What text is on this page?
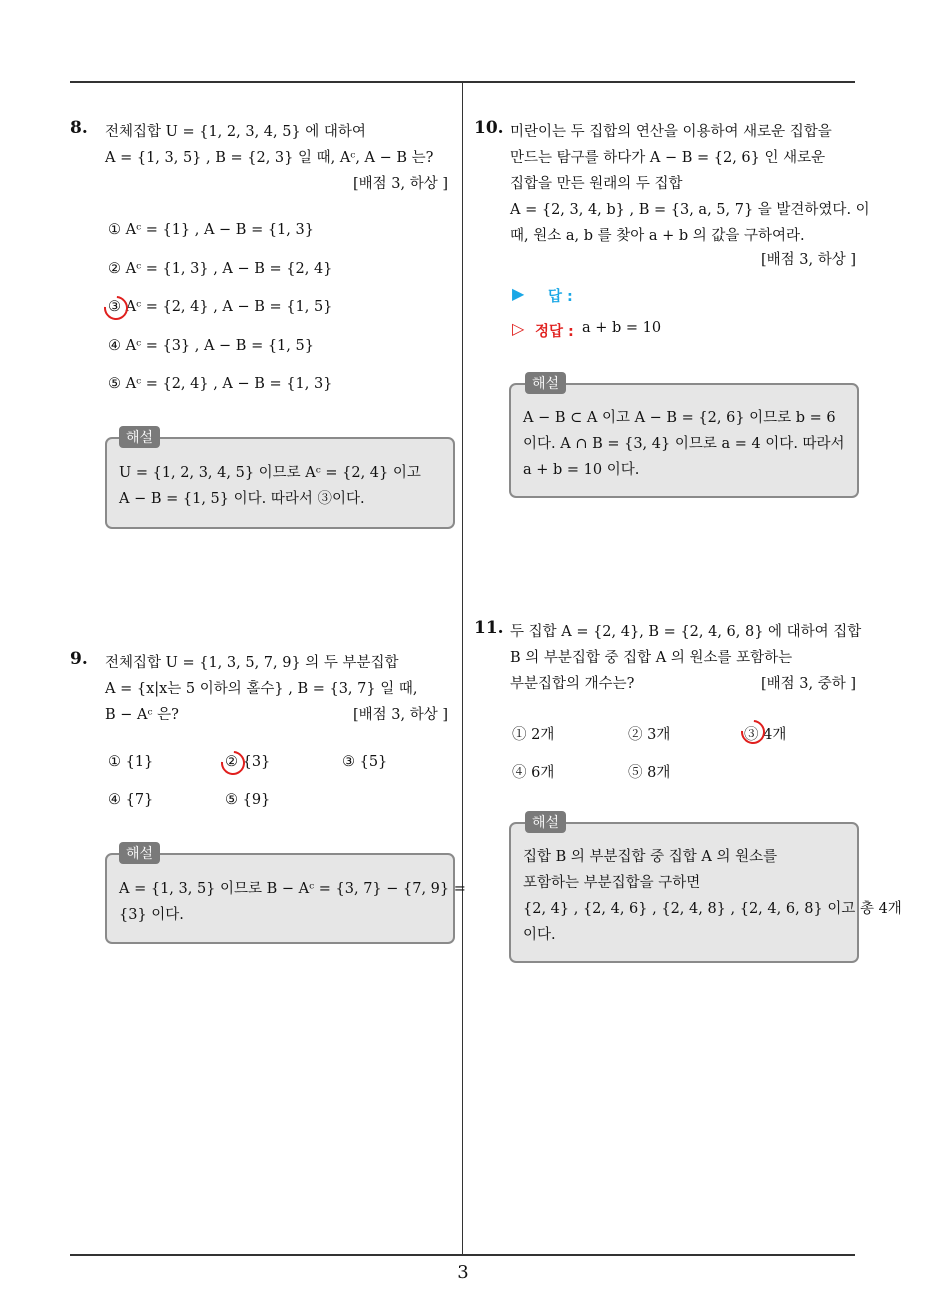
8. 전체집합 U = {1, 2, 3, 4, 5} 에 대하여
A = {1, 3, 5} , B = {2, 3} 일 때, Aᶜ, A − B 는?
[배점 3, 하상 ]
① Aᶜ = {1} , A − B = {1, 3}
② Aᶜ = {1, 3} , A − B = {2, 4}
③ Aᶜ = {2, 4} , A − B = {1, 5}
④ Aᶜ = {3} , A − B = {1, 5}
⑤ Aᶜ = {2, 4} , A − B = {1, 3}
해설
U = {1, 2, 3, 4, 5} 이므로 Aᶜ = {2, 4} 이고
A − B = {1, 5} 이다. 따라서 ③이다.
9. 전체집합 U = {1, 3, 5, 7, 9} 의 두 부분집합
A = {x|x는 5 이하의 홀수} , B = {3, 7} 일 때,
B − Aᶜ 은?	[배점 3, 하상 ]
① {1}	② {3}	③ {5}
④ {7}	⑤ {9}
해설
A = {1, 3, 5} 이므로 B − Aᶜ = {3, 7} − {7, 9} =
{3} 이다.
10. 미란이는 두 집합의 연산을 이용하여 새로운 집합을
만드는 탐구를 하다가 A − B = {2, 6} 인 새로운
집합을 만든 원래의 두 집합
A = {2, 3, 4, b} , B = {3, a, 5, 7} 을 발견하였다. 이
때, 원소 a, b 를 찾아 a + b 의 값을 구하여라.
[배점 3, 하상 ]
▶ 답 :
▷ 정답 : a + b = 10
해설
A − B ⊂ A 이고 A − B = {2, 6} 이므로 b = 6
이다. A ∩ B = {3, 4} 이므로 a = 4 이다. 따라서
a + b = 10 이다.
11. 두 집합 A = {2, 4}, B = {2, 4, 6, 8} 에 대하여 집합
B 의 부분집합 중 집합 A 의 원소를 포함하는
부분집합의 개수는?	[배점 3, 중하 ]
① 2개	② 3개	③ 4개
④ 6개	⑤ 8개
해설
집합 B 의 부분집합 중 집합 A 의 원소를
포함하는 부분집합을 구하면
{2, 4} , {2, 4, 6} , {2, 4, 8} , {2, 4, 6, 8} 이고 총 4개
이다.
3
